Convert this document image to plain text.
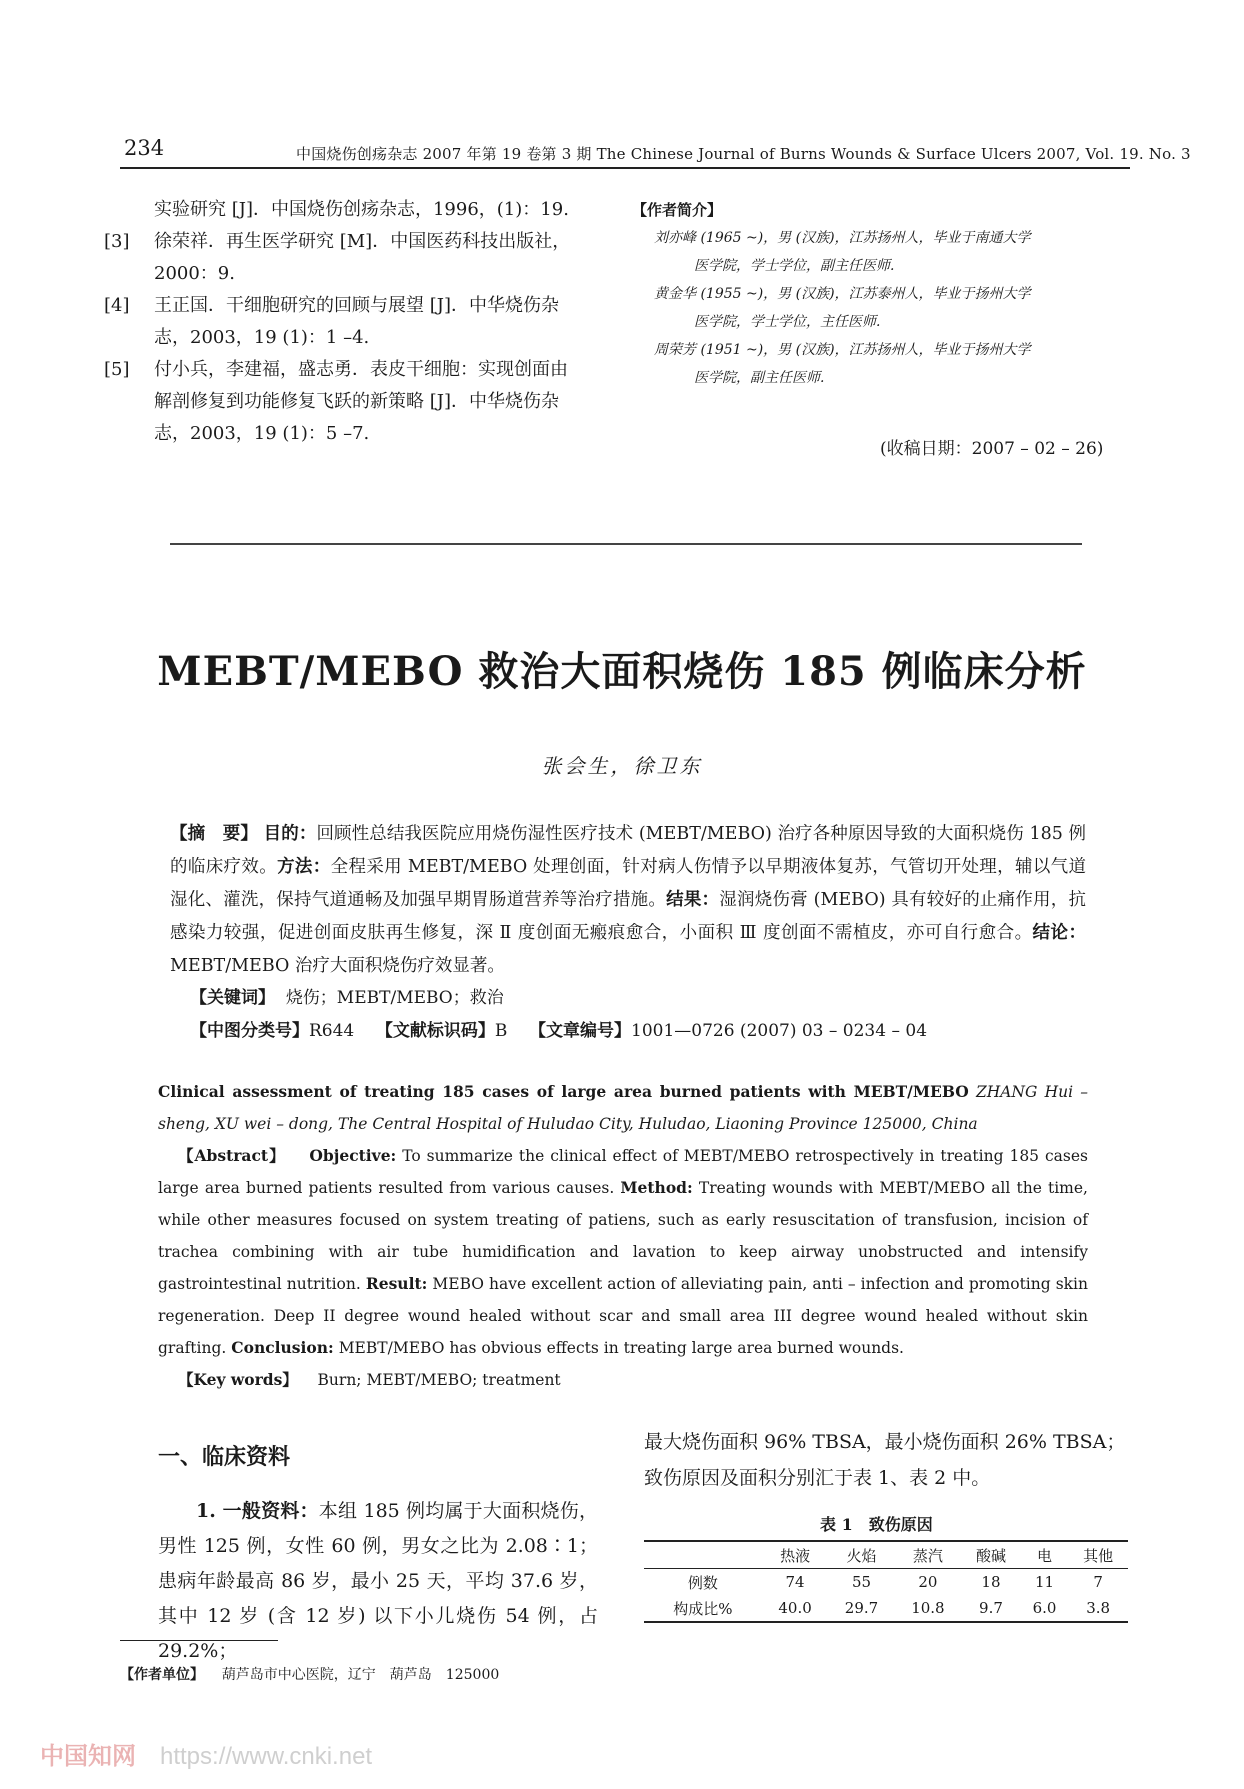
234	中国烧伤创疡杂志 2007 年第 19 卷第 3 期 The Chinese Journal of Burns Wounds & Surface Ulcers 2007, Vol. 19. No. 3
实验研究 [J]．中国烧伤创疡杂志，1996，(1)：19.
[3] 徐荣祥．再生医学研究 [M]．中国医药科技出版社，
2000：9.
[4] 王正国．干细胞研究的回顾与展望 [J]．中华烧伤杂
志，2003，19 (1)：1 –4.
[5] 付小兵，李建福，盛志勇．表皮干细胞：实现创面由
解剖修复到功能修复飞跃的新策略 [J]．中华烧伤杂
志，2003，19 (1)：5 –7.
【作者简介】
刘亦峰 (1965 ~)，男 (汉族)，江苏扬州人，毕业于南通大学
医学院，学士学位，副主任医师.
黄金华 (1955 ~)，男 (汉族)，江苏泰州人，毕业于扬州大学
医学院，学士学位，主任医师.
周荣芳 (1951 ~)，男 (汉族)，江苏扬州人，毕业于扬州大学
医学院，副主任医师.
(收稿日期：2007 – 02 – 26)
MEBT/MEBO 救治大面积烧伤 185 例临床分析
张会生，徐卫东
【摘　要】 目的：回顾性总结我医院应用烧伤湿性医疗技术 (MEBT/MEBO) 治疗各种原因导致的大面积烧伤 185 例的临床疗效。方法：全程采用 MEBT/MEBO 处理创面，针对病人伤情予以早期液体复苏，气管切开处理，辅以气道湿化、灌洗，保持气道通畅及加强早期胃肠道营养等治疗措施。结果：湿润烧伤膏 (MEBO) 具有较好的止痛作用，抗感染力较强，促进创面皮肤再生修复，深 Ⅱ 度创面无瘢痕愈合，小面积 Ⅲ 度创面不需植皮，亦可自行愈合。结论：MEBT/MEBO 治疗大面积烧伤疗效显著。
【关键词】 烧伤；MEBT/MEBO；救治
【中图分类号】R644 【文献标识码】B 【文章编号】1001—0726 (2007) 03 – 0234 – 04
Clinical assessment of treating 185 cases of large area burned patients with MEBT/MEBO ZHANG Hui – sheng, XU wei – dong, The Central Hospital of Huludao City, Huludao, Liaoning Province 125000, China
【Abstract】 Objective: To summarize the clinical effect of MEBT/MEBO retrospectively in treating 185 cases large area burned patients resulted from various causes. Method: Treating wounds with MEBT/MEBO all the time, while other measures focused on system treating of patiens, such as early resuscitation of transfusion, incision of trachea combining with air tube humidification and lavation to keep airway unobstructed and intensify gastrointestinal nutrition. Result: MEBO have excellent action of alleviating pain, anti – infection and promoting skin regeneration. Deep II degree wound healed without scar and small area III degree wound healed without skin grafting. Conclusion: MEBT/MEBO has obvious effects in treating large area burned wounds.
【Key words】 Burn; MEBT/MEBO; treatment
一、临床资料
1. 一般资料：本组 185 例均属于大面积烧伤，男性 125 例，女性 60 例，男女之比为 2.08∶1；患病年龄最高 86 岁，最小 25 天，平均 37.6 岁，其中 12 岁 (含 12 岁) 以下小儿烧伤 54 例，占 29.2%；
最大烧伤面积 96% TBSA，最小烧伤面积 26% TBSA；
致伤原因及面积分别汇于表 1、表 2 中。
表 1　致伤原因
	热液	火焰	蒸汽	酸碱	电	其他
例数	74	55	20	18	11	7
构成比%	40.0	29.7	10.8	9.7	6.0	3.8
【作者单位】 葫芦岛市中心医院，辽宁　葫芦岛　125000
中国知网 https://www.cnki.net
